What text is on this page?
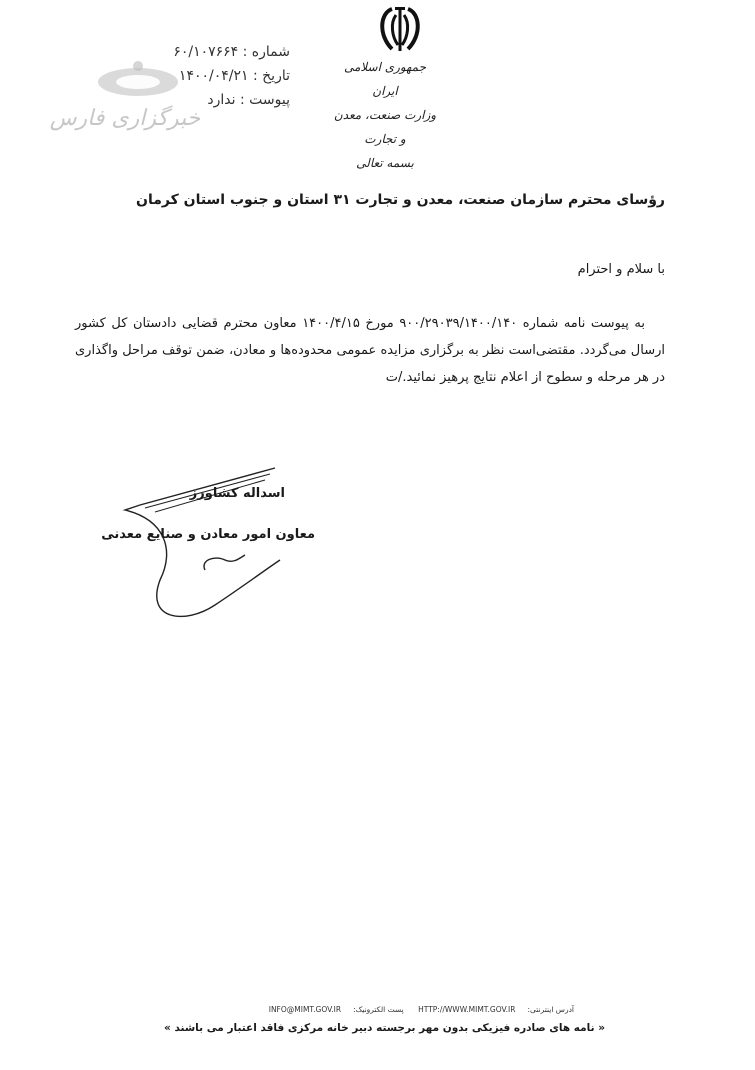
جمهوری اسلامی ایران
وزارت صنعت، معدن و تجارت
بسمه تعالی
شماره : ۶۰/۱۰۷۶۶۴
تاریخ : ۱۴۰۰/۰۴/۲۱
پیوست : ندارد
خبرگزاری فارس
رؤسای محترم سازمان صنعت، معدن و تجارت ۳۱ استان و جنوب استان کرمان
با سلام و احترام
به پیوست نامه شماره ۹۰۰/۲۹۰۳۹/۱۴۰۰/۱۴۰ مورخ ۱۴۰۰/۴/۱۵ معاون محترم قضایی دادستان کل کشور ارسال می‌گردد. مقتضی‌است نظر به برگزاری مزایده عمومی محدوده‌ها و معادن، ضمن توقف مراحل واگذاری در هر مرحله و سطوح از اعلام نتایج پرهیز نمائید./ت
اسداله کشاورز
معاون امور معادن و صنایع معدنی
آدرس اینترنتی:HTTP://WWW.MIMT.GOV.IR پست الکترونیک:INFO@MIMT.GOV.IR
« نامه های صادره فیزیکی بدون مهر برجسته دبیر خانه مرکزی فاقد اعتبار می باشند »
